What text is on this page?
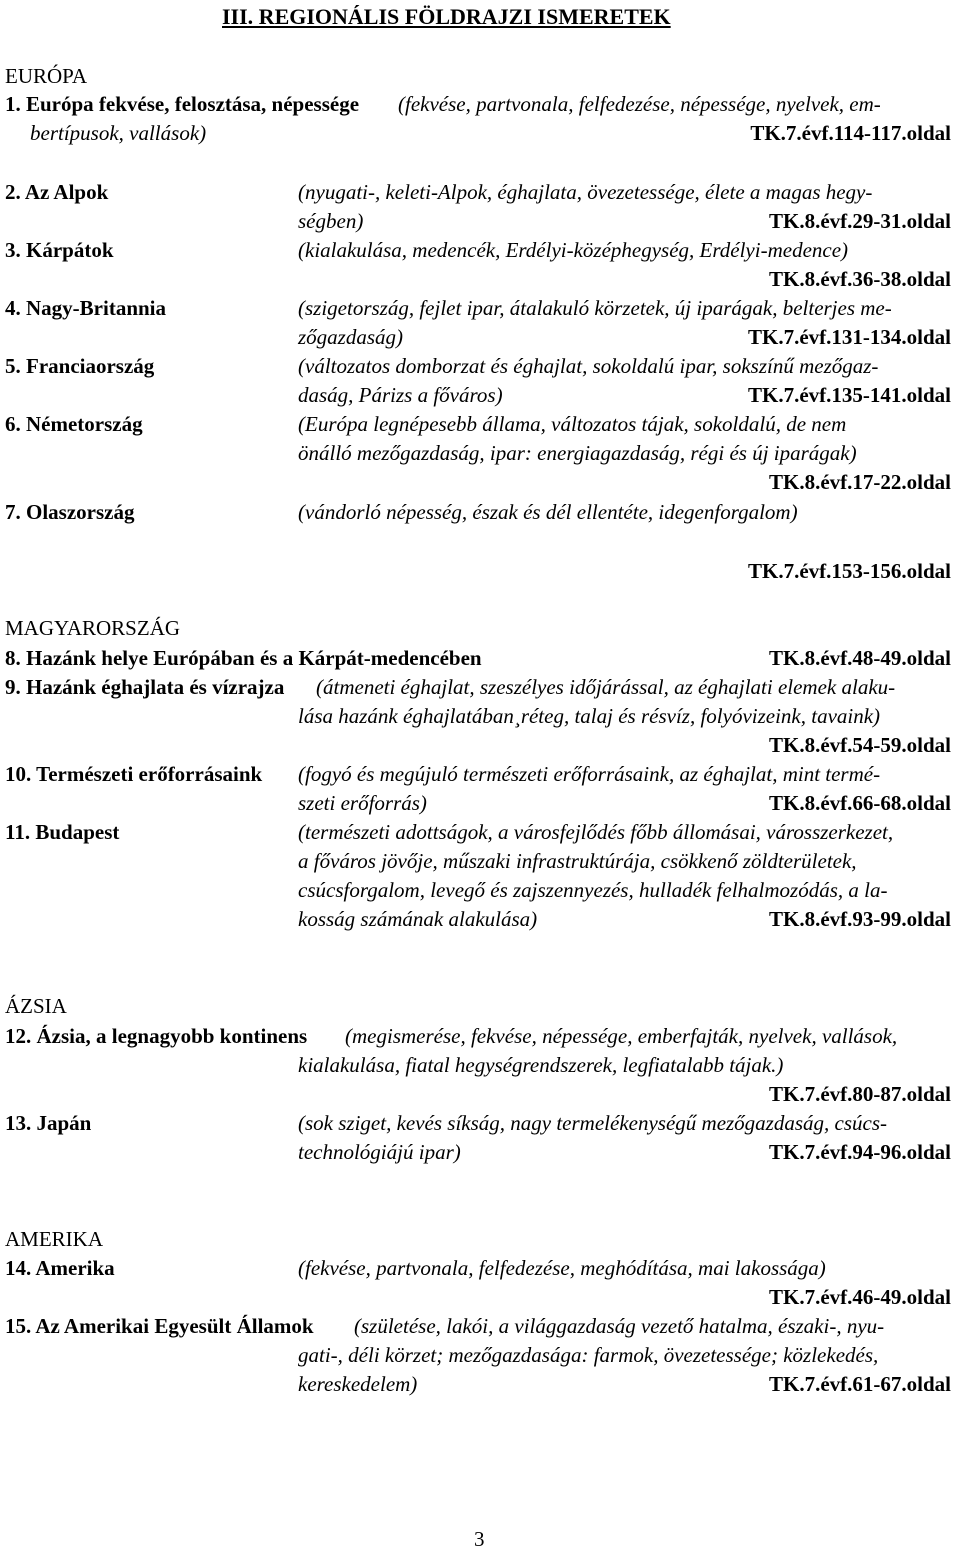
III. REGIONÁLIS FÖLDRAJZI ISMERETEK
EURÓPA
1. Európa fekvése, felosztása, népessége (fekvése, partvonala, felfedezése, népessége, nyelvek, em-
bertípusok, vallások)	TK.7.évf.114-117.oldal
2. Az Alpok	(nyugati-, keleti-Alpok, éghajlata, övezetessége, élete a magas hegy-
ségben)	TK.8.évf.29-31.oldal
3. Kárpátok	(kialakulása, medencék, Erdélyi-középhegység, Erdélyi-medence)
TK.8.évf.36-38.oldal
4. Nagy-Britannia	(szigetország, fejlet ipar, átalakuló körzetek, új iparágak, belterjes me-
zőgazdaság)	TK.7.évf.131-134.oldal
5. Franciaország	(változatos domborzat és éghajlat, sokoldalú ipar, sokszínű mezőgaz-
daság, Párizs a főváros)	TK.7.évf.135-141.oldal
6. Németország	(Európa legnépesebb állama, változatos tájak, sokoldalú, de nem
önálló mezőgazdaság, ipar: energiagazdaság, régi és új iparágak)
TK.8.évf.17-22.oldal
7. Olaszország	(vándorló népesség, észak és dél ellentéte, idegenforgalom)
TK.7.évf.153-156.oldal
MAGYARORSZÁG
8. Hazánk helye Európában és a Kárpát-medencében	TK.8.évf.48-49.oldal
9. Hazánk éghajlata és vízrajza (átmeneti éghajlat, szeszélyes időjárással, az éghajlati elemek alaku-
lása hazánk éghajlatában¸réteg, talaj és résvíz, folyóvizeink, tavaink)
TK.8.évf.54-59.oldal
10. Természeti erőforrásaink (fogyó és megújuló természeti erőforrásaink, az éghajlat, mint termé-
szeti erőforrás)	TK.8.évf.66-68.oldal
11. Budapest	(természeti adottságok, a városfejlődés főbb állomásai, városszerkezet,
a főváros jövője, műszaki infrastruktúrája, csökkenő zöldterületek,
csúcsforgalom, levegő és zajszennyezés, hulladék felhalmozódás, a la-
kosság számának alakulása)	TK.8.évf.93-99.oldal
ÁZSIA
12. Ázsia, a legnagyobb kontinens (megismerése, fekvése, népessége, emberfajták, nyelvek, vallások,
kialakulása, fiatal hegységrendszerek, legfiatalabb tájak.)
TK.7.évf.80-87.oldal
13. Japán	(sok sziget, kevés síkság, nagy termelékenységű mezőgazdaság, csúcs-
technológiájú ipar)	TK.7.évf.94-96.oldal
AMERIKA
14. Amerika	(fekvése, partvonala, felfedezése, meghódítása, mai lakossága)
TK.7.évf.46-49.oldal
15. Az Amerikai Egyesült Államok (születése, lakói, a világgazdaság vezető hatalma, északi-, nyu-
gati-, déli körzet; mezőgazdasága: farmok, övezetessége; közlekedés,
kereskedelem)	TK.7.évf.61-67.oldal
3
